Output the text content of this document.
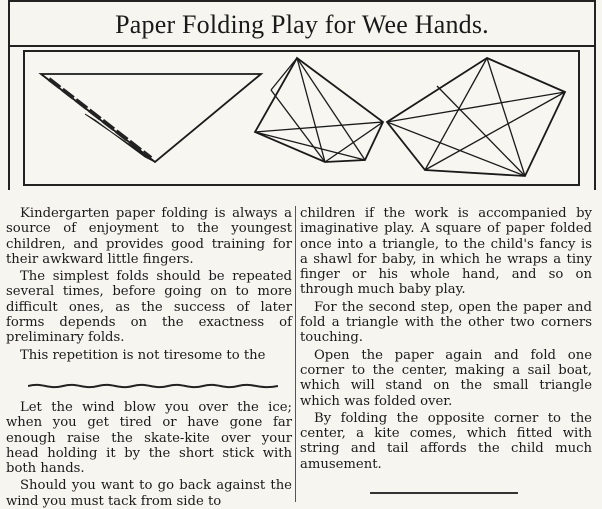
Paper Folding Play for Wee Hands.

Kindergarten paper folding is always a source of enjoyment to the youngest children, and provides good training for their awkward little fingers.

The simplest folds should be repeated several times, before going on to more difficult ones, as the success of later forms depends on the exactness of preliminary folds.

This repetition is not tiresome to the

Let the wind blow you over the ice; when you get tired or have gone far enough raise the skate-kite over your head holding it by the short stick with both hands.

Should you want to go back against the wind you must tack from side to

children if the work is accompanied by imaginative play. A square of paper folded once into a triangle, to the child's fancy is a shawl for baby, in which he wraps a tiny finger or his whole hand, and so on through much baby play.

For the second step, open the paper and fold a triangle with the other two corners touching.

Open the paper again and fold one corner to the center, making a sail boat, which will stand on the small triangle which was folded over.

By folding the opposite corner to the center, a kite comes, which fitted with string and tail affords the child much amusement.
